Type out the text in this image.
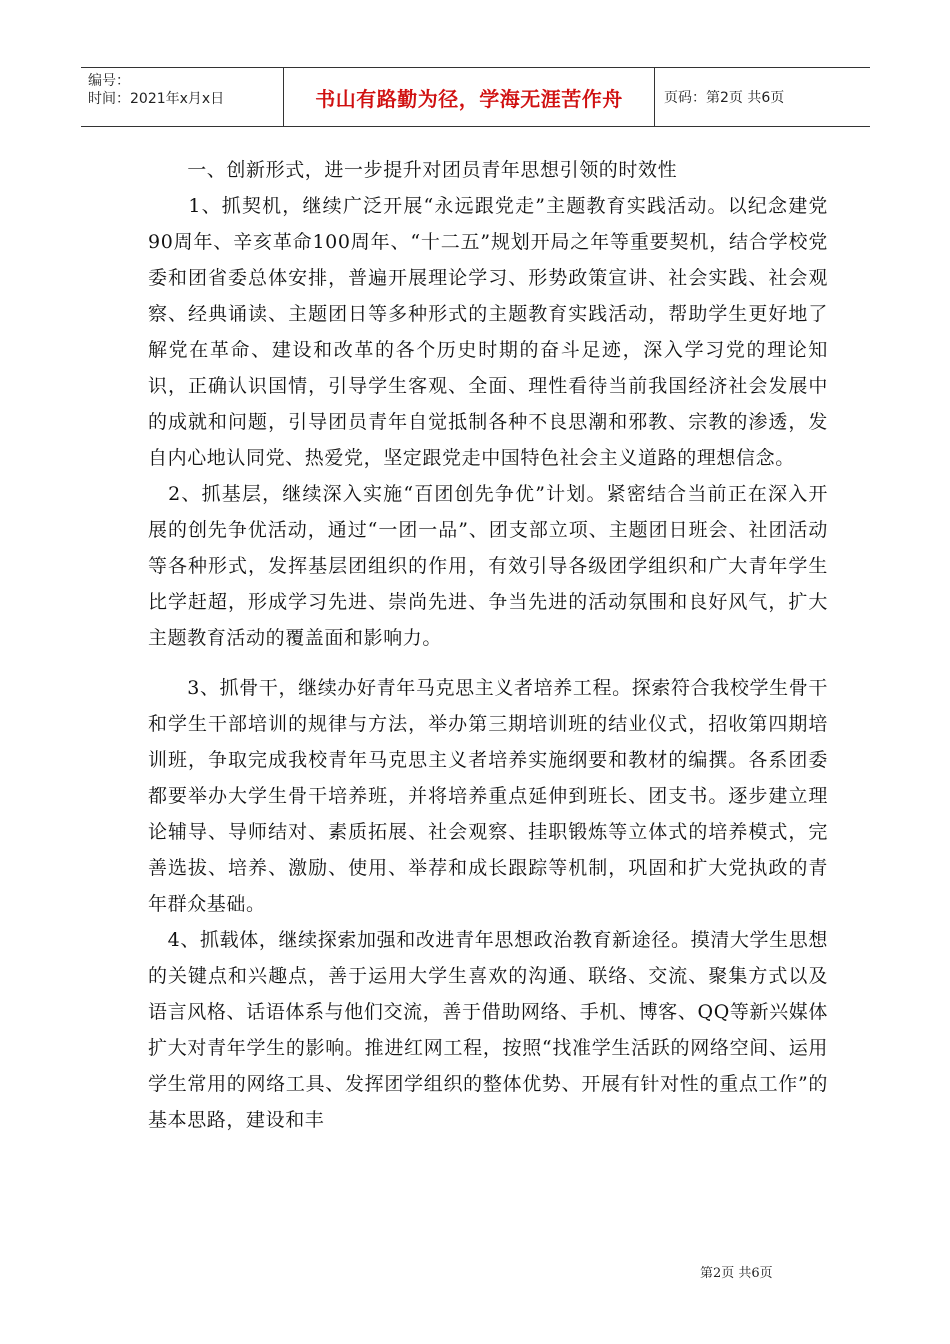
编号：
时间：2021年x月x日	书山有路勤为径，学海无涯苦作舟	页码：第2页 共6页

　　一、创新形式，进一步提升对团员青年思想引领的时效性

　　1、抓契机，继续广泛开展“永远跟党走”主题教育实践活动。以纪念建党90周年、辛亥革命100周年、“十二五”规划开局之年等重要契机，结合学校党委和团省委总体安排，普遍开展理论学习、形势政策宣讲、社会实践、社会观察、经典诵读、主题团日等多种形式的主题教育实践活动，帮助学生更好地了解党在革命、建设和改革的各个历史时期的奋斗足迹，深入学习党的理论知识，正确认识国情，引导学生客观、全面、理性看待当前我国经济社会发展中的成就和问题，引导团员青年自觉抵制各种不良思潮和邪教、宗教的渗透，发自内心地认同党、热爱党，坚定跟党走中国特色社会主义道路的理想信念。

　2、抓基层，继续深入实施“百团创先争优”计划。紧密结合当前正在深入开展的创先争优活动，通过“一团一品”、团支部立项、主题团日班会、社团活动等各种形式，发挥基层团组织的作用，有效引导各级团学组织和广大青年学生比学赶超，形成学习先进、崇尚先进、争当先进的活动氛围和良好风气，扩大主题教育活动的覆盖面和影响力。

　　3、抓骨干，继续办好青年马克思主义者培养工程。探索符合我校学生骨干和学生干部培训的规律与方法，举办第三期培训班的结业仪式，招收第四期培训班，争取完成我校青年马克思主义者培养实施纲要和教材的编撰。各系团委都要举办大学生骨干培养班，并将培养重点延伸到班长、团支书。逐步建立理论辅导、导师结对、素质拓展、社会观察、挂职锻炼等立体式的培养模式，完善选拔、培养、激励、使用、举荐和成长跟踪等机制，巩固和扩大党执政的青年群众基础。

　4、抓载体，继续探索加强和改进青年思想政治教育新途径。摸清大学生思想的关键点和兴趣点，善于运用大学生喜欢的沟通、联络、交流、聚集方式以及语言风格、话语体系与他们交流，善于借助网络、手机、博客、QQ等新兴媒体扩大对青年学生的影响。推进红网工程，按照“找准学生活跃的网络空间、运用学生常用的网络工具、发挥团学组织的整体优势、开展有针对性的重点工作”的基本思路，建设和丰

第2页 共6页
